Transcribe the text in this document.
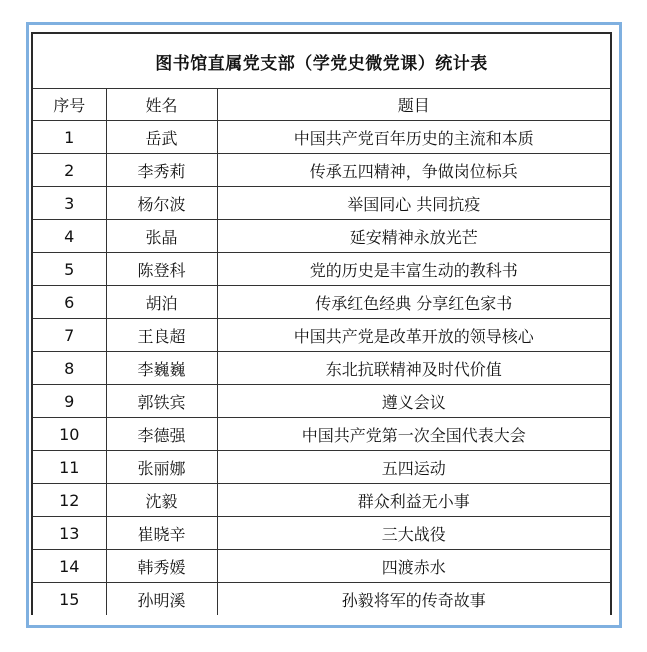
图书馆直属党支部（学党史微党课）统计表
序号	姓名	题目
1	岳武	中国共产党百年历史的主流和本质
2	李秀莉	传承五四精神，争做岗位标兵
3	杨尔波	举国同心 共同抗疫
4	张晶	延安精神永放光芒
5	陈登科	党的历史是丰富生动的教科书
6	胡泊	传承红色经典 分享红色家书
7	王良超	中国共产党是改革开放的领导核心
8	李巍巍	东北抗联精神及时代价值
9	郭铁宾	遵义会议
10	李德强	中国共产党第一次全国代表大会
11	张丽娜	五四运动
12	沈毅	群众利益无小事
13	崔晓辛	三大战役
14	韩秀媛	四渡赤水
15	孙明溪	孙毅将军的传奇故事
